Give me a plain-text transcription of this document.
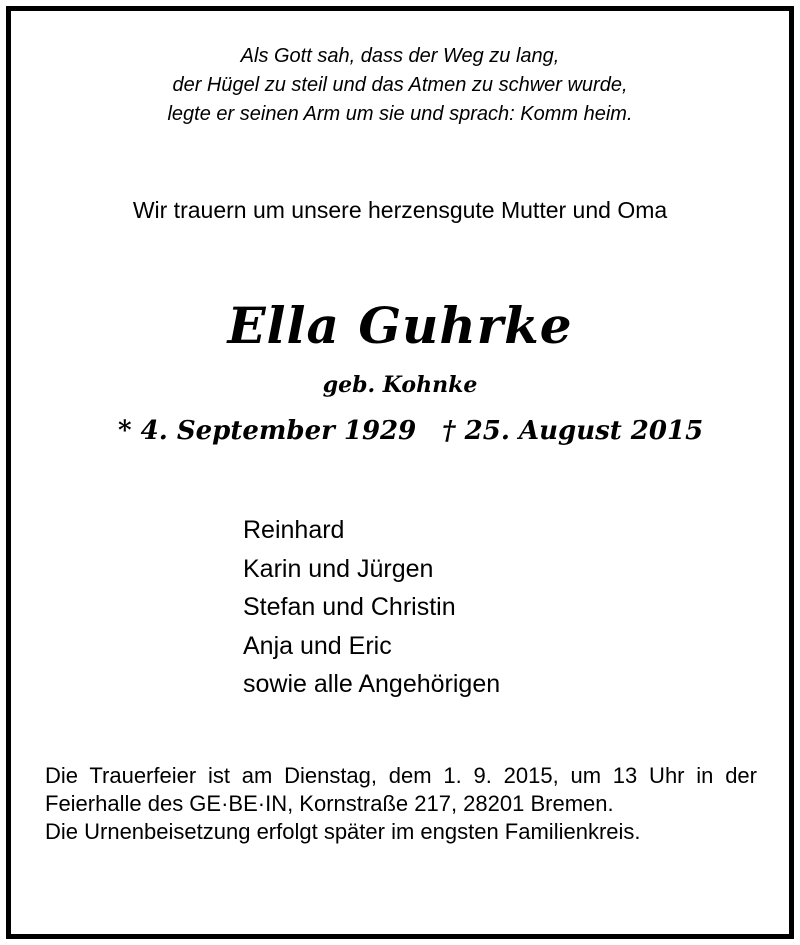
Als Gott sah, dass der Weg zu lang,
der Hügel zu steil und das Atmen zu schwer wurde,
legte er seinen Arm um sie und sprach: Komm heim.
Wir trauern um unsere herzensgute Mutter und Oma
Ella Guhrke
geb. Kohnke
* 4. September 1929 † 25. August 2015
Reinhard
Karin und Jürgen
Stefan und Christin
Anja und Eric
sowie alle Angehörigen

Die Trauerfeier ist am Dienstag, dem 1. 9. 2015, um 13 Uhr in der Feierhalle des GE·BE·IN, Kornstraße 217, 28201 Bremen.

Die Urnenbeisetzung erfolgt später im engsten Familienkreis.
